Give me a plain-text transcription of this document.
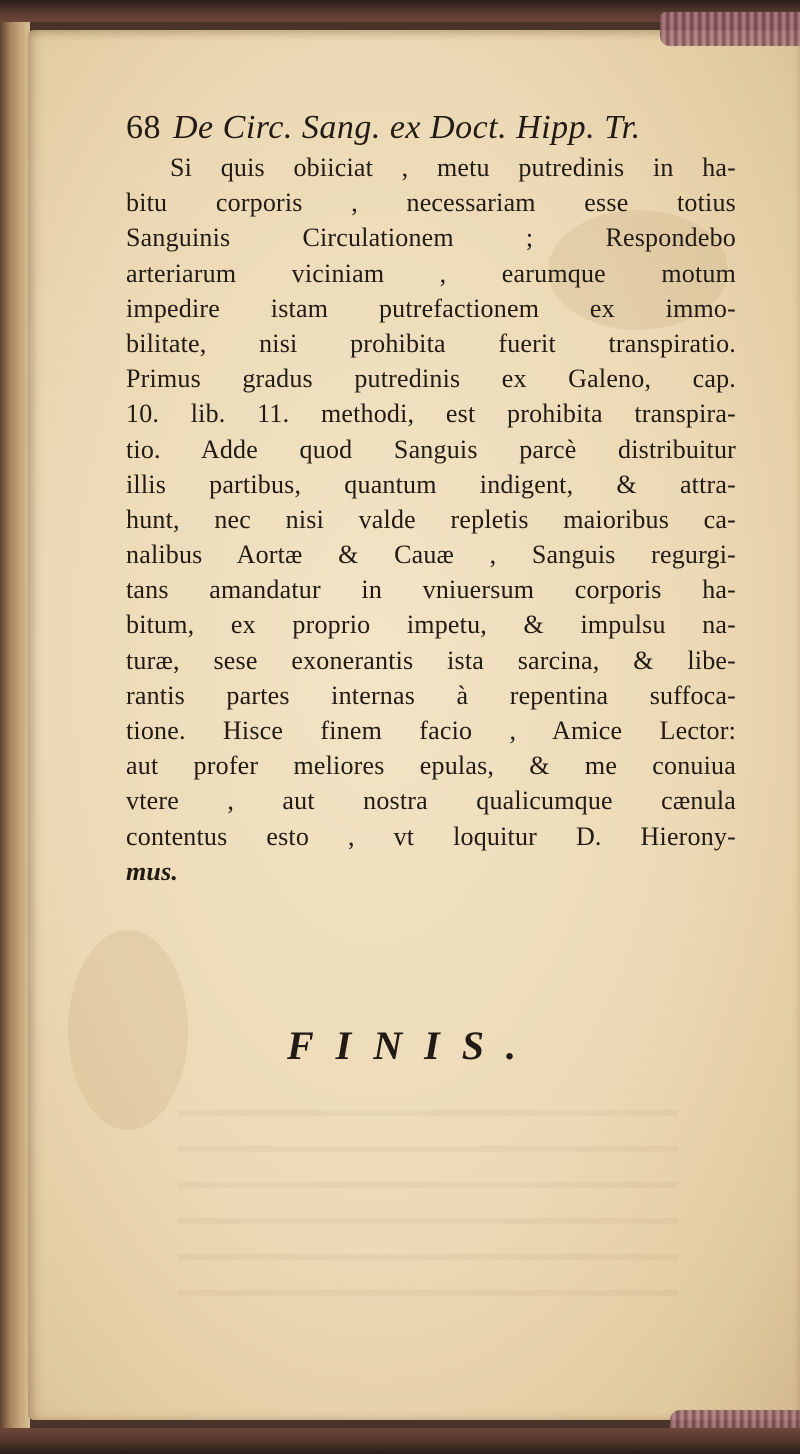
68 De Circ. Sang. ex Doct. Hipp. Tr.
Si quis obiiciat , metu putredinis in ha-
bitu corporis , necessariam esse totius
Sanguinis Circulationem ; Respondebo
arteriarum viciniam , earumque motum
impedire istam putrefactionem ex immo-
bilitate, nisi prohibita fuerit transpiratio.
Primus gradus putredinis ex Galeno, cap.
10. lib. 11. methodi, est prohibita transpira-
tio. Adde quod Sanguis parcè distribuitur
illis partibus, quantum indigent, & attra-
hunt, nec nisi valde repletis maioribus ca-
nalibus Aortæ & Cauæ , Sanguis regurgi-
tans amandatur in vniuersum corporis ha-
bitum, ex proprio impetu, & impulsu na-
turæ, sese exonerantis ista sarcina, & libe-
rantis partes internas à repentina suffoca-
tione. Hisce finem facio , Amice Lector:
aut profer meliores epulas, & me conuiua
vtere , aut nostra qualicumque cænula
contentus esto , vt loquitur D. Hierony-
mus.
FINIS.
